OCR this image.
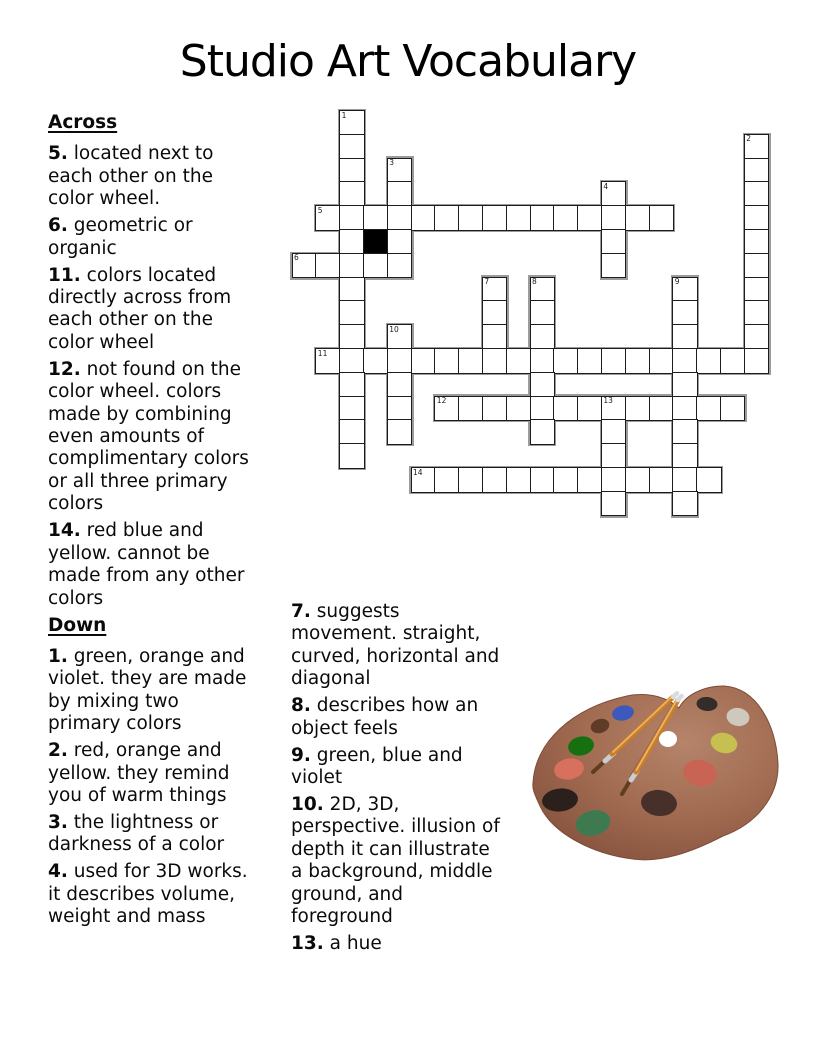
Studio Art Vocabulary
Across
5. located next to each other on the color wheel.
6. geometric or organic
11. colors located directly across from each other on the color wheel
12. not found on the color wheel. colors made by combining even amounts of complimentary colors or all three primary colors
14. red blue and yellow. cannot be made from any other colors
Down
1. green, orange and violet. they are made by mixing two primary colors
2. red, orange and yellow. they remind you of warm things
3. the lightness or darkness of a color
4. used for 3D works. it describes volume, weight and mass
7. suggests movement. straight, curved, horizontal and diagonal
8. describes how an object feels
9. green, blue and violet
10. 2D, 3D, perspective. illusion of depth it can illustrate a background, middle ground, and foreground
13. a hue
1
2
3
4
5
6
7	8	9
10
11
12	13
14
